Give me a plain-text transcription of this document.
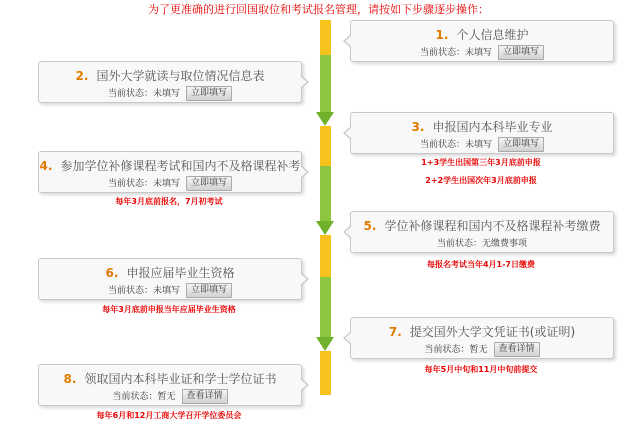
为了更准确的进行回国取位和考试报名管理，请按如下步骤逐步操作：
1. 个人信息维护
当前状态：未填写 立即填写
2. 国外大学就读与取位情况信息表
当前状态：未填写 立即填写
3. 申报国内本科毕业专业
当前状态：未填写 立即填写
1+3学生出国第三年3月底前申报
2+2学生出国次年3月底前申报
4. 参加学位补修课程考试和国内不及格课程补考
当前状态：未填写 立即填写
每年3月底前报名，7月初考试
5. 学位补修课程和国内不及格课程补考缴费
当前状态：无缴费事项
每报名考试当年4月1-7日缴费
6. 申报应届毕业生资格
当前状态：未填写 立即填写
每年3月底前申报当年应届毕业生资格
7. 提交国外大学文凭证书(或证明)
当前状态：暂无 查看详情
每年5月中旬和11月中旬前提交
8. 领取国内本科毕业证和学士学位证书
当前状态：暂无 查看详情
每年6月和12月工商大学召开学位委员会
